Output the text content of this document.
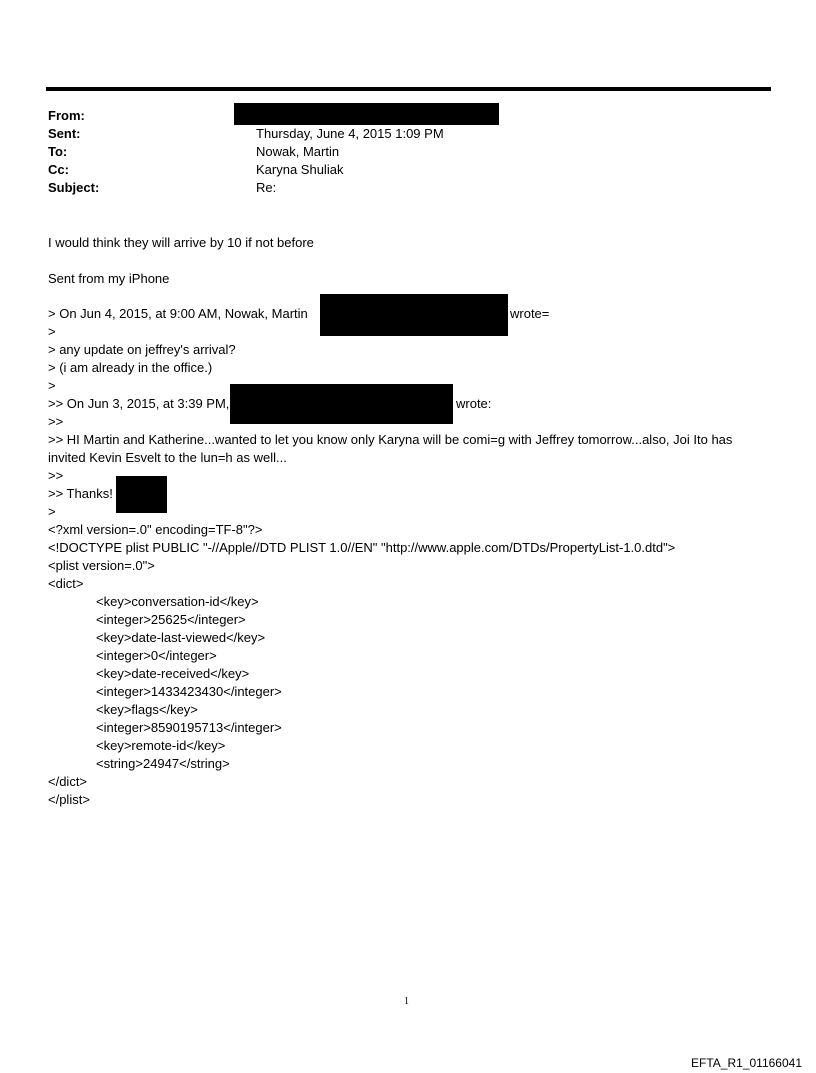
From:
Sent:	Thursday, June 4, 2015 1:09 PM
To:	Nowak, Martin
Cc:	Karyna Shuliak
Subject:	Re:
I would think they will arrive by 10 if not before
Sent from my iPhone
> On Jun 4, 2015, at 9:00 AM, Nowak, Martin	wrote=
>
> any update on jeffrey's arrival?
> (i am already in the office.)
>
>> On Jun 3, 2015, at 3:39 PM,	wrote:
>>
>> HI Martin and Katherine...wanted to let you know only Karyna will be comi=g with Jeffrey tomorrow...also, Joi Ito has
invited Kevin Esvelt to the lun=h as well...
>>
>> Thanks!
>
<?xml version=.0" encoding=TF-8"?>
<!DOCTYPE plist PUBLIC "-//Apple//DTD PLIST 1.0//EN" "http://www.apple.com/DTDs/PropertyList-1.0.dtd">
<plist version=.0">
<dict>
<key>conversation-id</key>
<integer>25625</integer>
<key>date-last-viewed</key>
<integer>0</integer>
<key>date-received</key>
<integer>1433423430</integer>
<key>flags</key>
<integer>8590195713</integer>
<key>remote-id</key>
<string>24947</string>
</dict>
</plist>
1
EFTA_R1_01166041
